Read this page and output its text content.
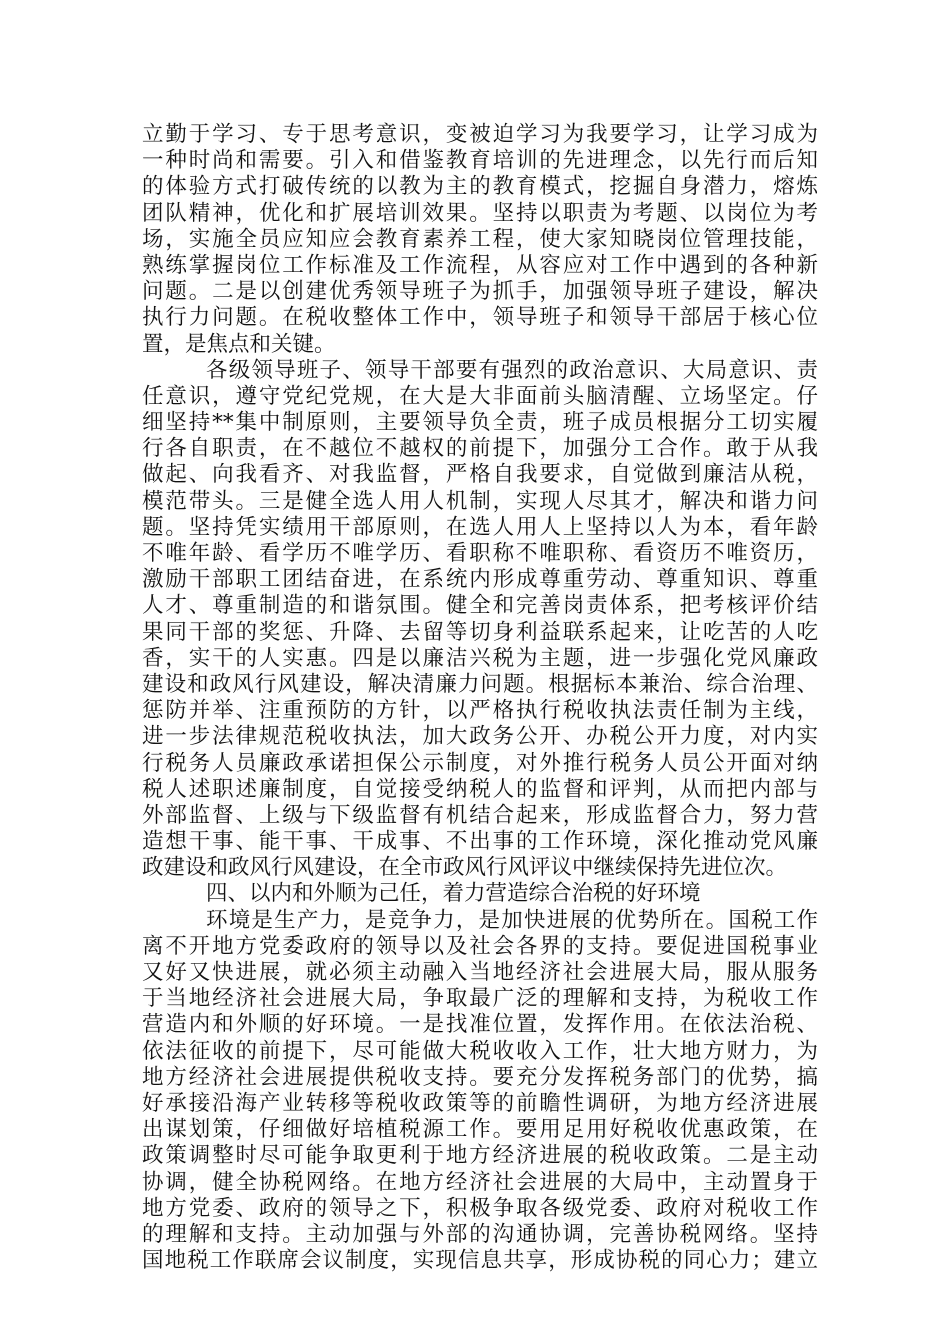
立勤于学习、专于思考意识，变被迫学习为我要学习，让学习成为
一种时尚和需要。引入和借鉴教育培训的先进理念，以先行而后知
的体验方式打破传统的以教为主的教育模式，挖掘自身潜力，熔炼
团队精神，优化和扩展培训效果。坚持以职责为考题、以岗位为考
场，实施全员应知应会教育素养工程，使大家知晓岗位管理技能，
熟练掌握岗位工作标准及工作流程，从容应对工作中遇到的各种新
问题。二是以创建优秀领导班子为抓手，加强领导班子建设，解决
执行力问题。在税收整体工作中，领导班子和领导干部居于核心位
置，是焦点和关键。
各级领导班子、领导干部要有强烈的政治意识、大局意识、责
任意识，遵守党纪党规，在大是大非面前头脑清醒、立场坚定。仔
细坚持**集中制原则，主要领导负全责，班子成员根据分工切实履
行各自职责，在不越位不越权的前提下，加强分工合作。敢于从我
做起、向我看齐、对我监督，严格自我要求，自觉做到廉洁从税，
模范带头。三是健全选人用人机制，实现人尽其才，解决和谐力问
题。坚持凭实绩用干部原则，在选人用人上坚持以人为本，看年龄
不唯年龄、看学历不唯学历、看职称不唯职称、看资历不唯资历，
激励干部职工团结奋进，在系统内形成尊重劳动、尊重知识、尊重
人才、尊重制造的和谐氛围。健全和完善岗责体系，把考核评价结
果同干部的奖惩、升降、去留等切身利益联系起来，让吃苦的人吃
香，实干的人实惠。四是以廉洁兴税为主题，进一步强化党风廉政
建设和政风行风建设，解决清廉力问题。根据标本兼治、综合治理、
惩防并举、注重预防的方针，以严格执行税收执法责任制为主线，
进一步法律规范税收执法，加大政务公开、办税公开力度，对内实
行税务人员廉政承诺担保公示制度，对外推行税务人员公开面对纳
税人述职述廉制度，自觉接受纳税人的监督和评判，从而把内部与
外部监督、上级与下级监督有机结合起来，形成监督合力，努力营
造想干事、能干事、干成事、不出事的工作环境，深化推动党风廉
政建设和政风行风建设，在全市政风行风评议中继续保持先进位次。
四、以内和外顺为己任，着力营造综合治税的好环境
环境是生产力，是竞争力，是加快进展的优势所在。国税工作
离不开地方党委政府的领导以及社会各界的支持。要促进国税事业
又好又快进展，就必须主动融入当地经济社会进展大局，服从服务
于当地经济社会进展大局，争取最广泛的理解和支持，为税收工作
营造内和外顺的好环境。一是找准位置，发挥作用。在依法治税、
依法征收的前提下，尽可能做大税收收入工作，壮大地方财力，为
地方经济社会进展提供税收支持。要充分发挥税务部门的优势，搞
好承接沿海产业转移等税收政策等的前瞻性调研，为地方经济进展
出谋划策，仔细做好培植税源工作。要用足用好税收优惠政策，在
政策调整时尽可能争取更利于地方经济进展的税收政策。二是主动
协调，健全协税网络。在地方经济社会进展的大局中，主动置身于
地方党委、政府的领导之下，积极争取各级党委、政府对税收工作
的理解和支持。主动加强与外部的沟通协调，完善协税网络。坚持
国地税工作联席会议制度，实现信息共享，形成协税的同心力；建立
